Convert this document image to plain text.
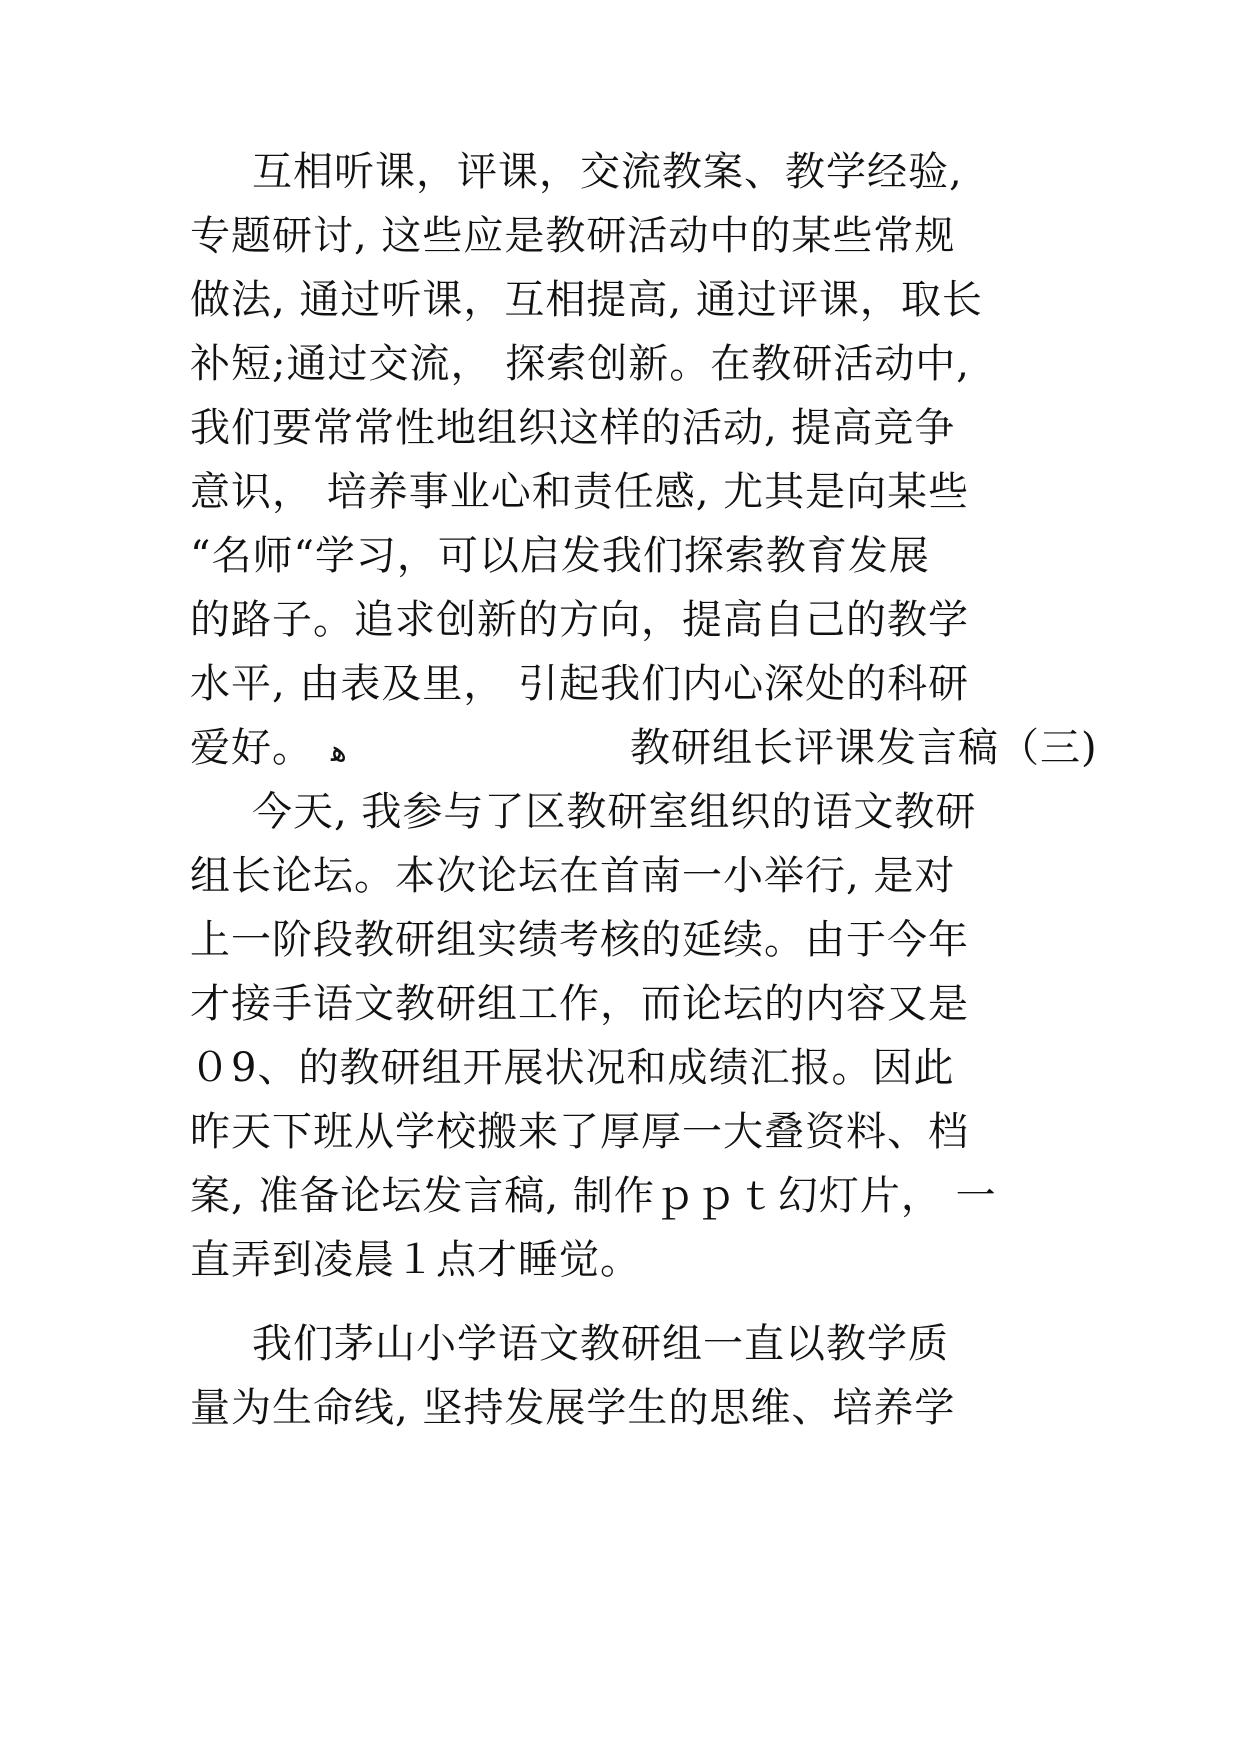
互相听课，评课，交流教案、教学经验,
专题研讨, 这些应是教研活动中的某些常规
做法, 通过听课，互相提高, 通过评课，取长
补短;通过交流， 探索创新。在教研活动中,
我们要常常性地组织这样的活动, 提高竞争
意识， 培养事业心和责任感, 尤其是向某些
“名师“学习，可以启发我们探索教育发展
的路子。追求创新的方向，提高自己的教学
水平, 由表及里， 引起我们内心深处的科研
爱好。 ﻫ	教研组长评课发言稿（三)
今天, 我参与了区教研室组织的语文教研
组长论坛。本次论坛在首南一小举行, 是对
上一阶段教研组实绩考核的延续。由于今年
才接手语文教研组工作，而论坛的内容又是
０9、的教研组开展状况和成绩汇报。因此
昨天下班从学校搬来了厚厚一大叠资料、档
案, 准备论坛发言稿, 制作ｐｐｔ幻灯片， 一
直弄到凌晨１点才睡觉。
我们茅山小学语文教研组一直以教学质
量为生命线, 坚持发展学生的思维、培养学
